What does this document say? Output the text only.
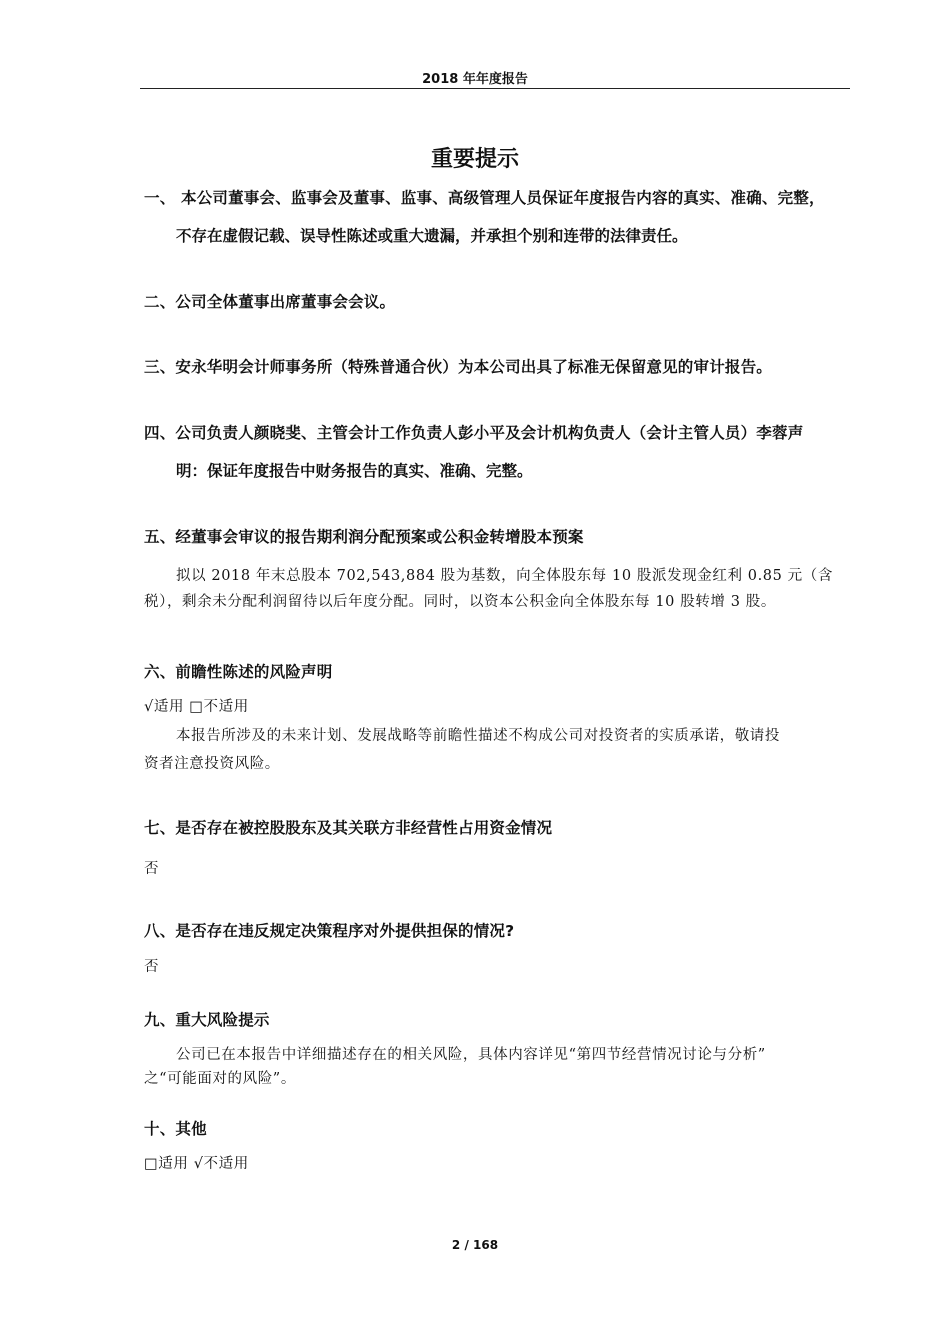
2018 年年度报告
重要提示
一、 本公司董事会、监事会及董事、监事、高级管理人员保证年度报告内容的真实、准确、完整，
不存在虚假记载、误导性陈述或重大遗漏，并承担个别和连带的法律责任。
二、公司全体董事出席董事会会议。
三、安永华明会计师事务所（特殊普通合伙）为本公司出具了标准无保留意见的审计报告。
四、公司负责人颜晓斐、主管会计工作负责人彭小平及会计机构负责人（会计主管人员）李蓉声
明：保证年度报告中财务报告的真实、准确、完整。
五、经董事会审议的报告期利润分配预案或公积金转增股本预案
拟以 2018 年末总股本 702,543,884 股为基数，向全体股东每 10 股派发现金红利 0.85 元（含
税），剩余未分配利润留待以后年度分配。同时，以资本公积金向全体股东每 10 股转增 3 股。
六、前瞻性陈述的风险声明
√适用 □不适用
本报告所涉及的未来计划、发展战略等前瞻性描述不构成公司对投资者的实质承诺，敬请投
资者注意投资风险。
七、是否存在被控股股东及其关联方非经营性占用资金情况
否
八、是否存在违反规定决策程序对外提供担保的情况?
否
九、重大风险提示
公司已在本报告中详细描述存在的相关风险，具体内容详见“第四节经营情况讨论与分析”
之“可能面对的风险”。
十、其他
□适用 √不适用
2 / 168
